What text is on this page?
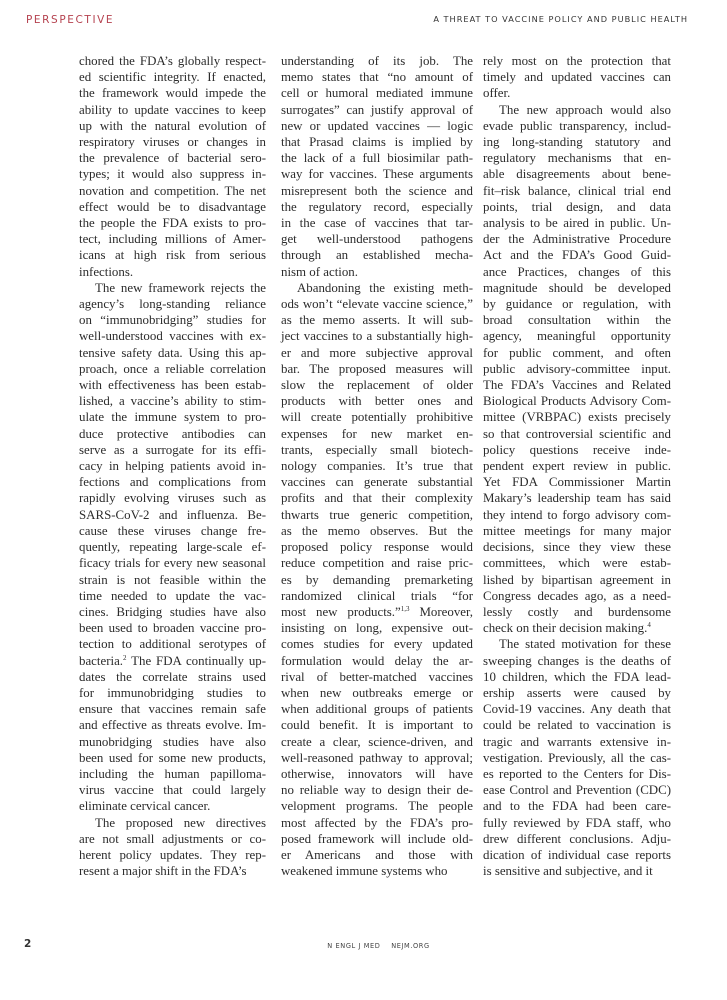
PERSPECTIVE	A THREAT TO VACCINE POLICY AND PUBLIC HEALTH

chored the FDA’s globally respect-
ed scientific integrity. If enacted,
the framework would impede the
ability to update vaccines to keep
up with the natural evolution of
respiratory viruses or changes in
the prevalence of bacterial sero-
types; it would also suppress in-
novation and competition. The net
effect would be to disadvantage
the people the FDA exists to pro-
tect, including millions of Amer-
icans at high risk from serious
infections.

The new framework rejects the
agency’s long-standing reliance
on “immunobridging” studies for
well-understood vaccines with ex-
tensive safety data. Using this ap-
proach, once a reliable correlation
with effectiveness has been estab-
lished, a vaccine’s ability to stim-
ulate the immune system to pro-
duce protective antibodies can
serve as a surrogate for its effi-
cacy in helping patients avoid in-
fections and complications from
rapidly evolving viruses such as
SARS-CoV-2 and influenza. Be-
cause these viruses change fre-
quently, repeating large-scale ef-
ficacy trials for every new seasonal
strain is not feasible within the
time needed to update the vac-
cines. Bridging studies have also
been used to broaden vaccine pro-
tection to additional serotypes of
bacteria.$^2$ The FDA continually up-
dates the correlate strains used
for immunobridging studies to
ensure that vaccines remain safe
and effective as threats evolve. Im-
munobridging studies have also
been used for some new products,
including the human papilloma-
virus vaccine that could largely
eliminate cervical cancer.

The proposed new directives
are not small adjustments or co-
herent policy updates. They rep-
resent a major shift in the FDA’s

understanding of its job. The
memo states that “no amount of
cell or humoral mediated immune
surrogates” can justify approval of
new or updated vaccines — logic
that Prasad claims is implied by
the lack of a full biosimilar path-
way for vaccines. These arguments
misrepresent both the science and
the regulatory record, especially
in the case of vaccines that tar-
get well-understood pathogens
through an established mecha-
nism of action.

Abandoning the existing meth-
ods won’t “elevate vaccine science,”
as the memo asserts. It will sub-
ject vaccines to a substantially high-
er and more subjective approval
bar. The proposed measures will
slow the replacement of older
products with better ones and
will create potentially prohibitive
expenses for new market en-
trants, especially small biotech-
nology companies. It’s true that
vaccines can generate substantial
profits and that their complexity
thwarts true generic competition,
as the memo observes. But the
proposed policy response would
reduce competition and raise pric-
es by demanding premarketing
randomized clinical trials “for
most new products.”$^{1,3}$ Moreover,
insisting on long, expensive out-
comes studies for every updated
formulation would delay the ar-
rival of better-matched vaccines
when new outbreaks emerge or
when additional groups of patients
could benefit. It is important to
create a clear, science-driven, and
well-reasoned pathway to approval;
otherwise, innovators will have
no reliable way to design their de-
velopment programs. The people
most affected by the FDA’s pro-
posed framework will include old-
er Americans and those with
weakened immune systems who

rely most on the protection that
timely and updated vaccines can
offer.

The new approach would also
evade public transparency, includ-
ing long-standing statutory and
regulatory mechanisms that en-
able disagreements about bene-
fit–risk balance, clinical trial end
points, trial design, and data
analysis to be aired in public. Un-
der the Administrative Procedure
Act and the FDA’s Good Guid-
ance Practices, changes of this
magnitude should be developed
by guidance or regulation, with
broad consultation within the
agency, meaningful opportunity
for public comment, and often
public advisory-committee input.
The FDA’s Vaccines and Related
Biological Products Advisory Com-
mittee (VRBPAC) exists precisely
so that controversial scientific and
policy questions receive inde-
pendent expert review in public.
Yet FDA Commissioner Martin
Makary’s leadership team has said
they intend to forgo advisory com-
mittee meetings for many major
decisions, since they view these
committees, which were estab-
lished by bipartisan agreement in
Congress decades ago, as a need-
lessly costly and burdensome
check on their decision making.$^4$

The stated motivation for these
sweeping changes is the deaths of
10 children, which the FDA lead-
ership asserts were caused by
Covid-19 vaccines. Any death that
could be related to vaccination is
tragic and warrants extensive in-
vestigation. Previously, all the cas-
es reported to the Centers for Dis-
ease Control and Prevention (CDC)
and to the FDA had been care-
fully reviewed by FDA staff, who
drew different conclusions. Adju-
dication of individual case reports
is sensitive and subjective, and it

2	N ENGL J MED NEJM.ORG
